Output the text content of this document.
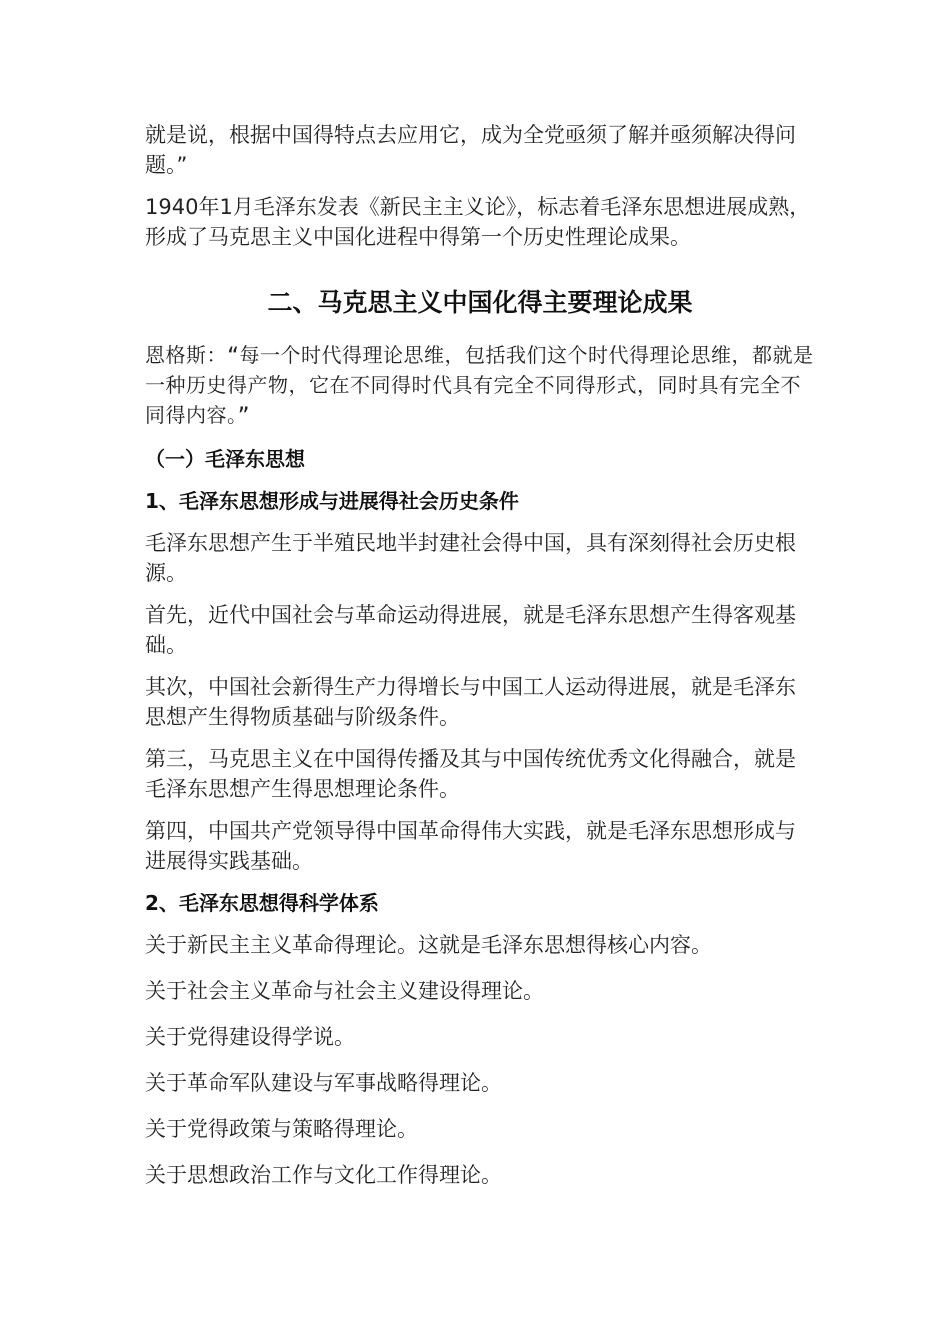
就是说，根据中国得特点去应用它，成为全党亟须了解并亟须解决得问题。”

1940年1月毛泽东发表《新民主主义论》，标志着毛泽东思想进展成熟，形成了马克思主义中国化进程中得第一个历史性理论成果。

二、马克思主义中国化得主要理论成果

恩格斯：“每一个时代得理论思维，包括我们这个时代得理论思维，都就是一种历史得产物，它在不同得时代具有完全不同得形式，同时具有完全不同得内容。”

（一）毛泽东思想
1、毛泽东思想形成与进展得社会历史条件

毛泽东思想产生于半殖民地半封建社会得中国，具有深刻得社会历史根源。

首先，近代中国社会与革命运动得进展，就是毛泽东思想产生得客观基础。

其次，中国社会新得生产力得增长与中国工人运动得进展，就是毛泽东思想产生得物质基础与阶级条件。

第三，马克思主义在中国得传播及其与中国传统优秀文化得融合，就是毛泽东思想产生得思想理论条件。

第四，中国共产党领导得中国革命得伟大实践，就是毛泽东思想形成与进展得实践基础。

2、毛泽东思想得科学体系

关于新民主主义革命得理论。这就是毛泽东思想得核心内容。

关于社会主义革命与社会主义建设得理论。

关于党得建设得学说。

关于革命军队建设与军事战略得理论。

关于党得政策与策略得理论。

关于思想政治工作与文化工作得理论。
